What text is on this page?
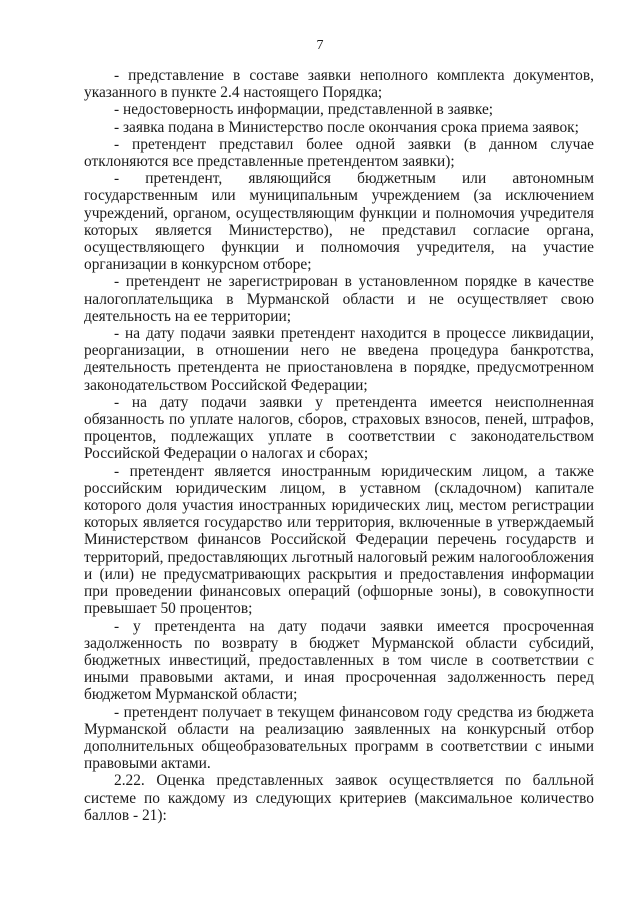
7

- представление в составе заявки неполного комплекта документов, указанного в пункте 2.4 настоящего Порядка;

- недостоверность информации, представленной в заявке;

- заявка подана в Министерство после окончания срока приема заявок;

- претендент представил более одной заявки (в данном случае отклоняются все представленные претендентом заявки);

- претендент, являющийся бюджетным или автономным государственным или муниципальным учреждением (за исключением учреждений, органом, осуществляющим функции и полномочия учредителя которых является Министерство), не представил согласие органа, осуществляющего функции и полномочия учредителя, на участие организации в конкурсном отборе;

- претендент не зарегистрирован в установленном порядке в качестве налогоплательщика в Мурманской области и не осуществляет свою деятельность на ее территории;

- на дату подачи заявки претендент находится в процессе ликвидации, реорганизации, в отношении него не введена процедура банкротства, деятельность претендента не приостановлена в порядке, предусмотренном законодательством Российской Федерации;

- на дату подачи заявки у претендента имеется неисполненная обязанность по уплате налогов, сборов, страховых взносов, пеней, штрафов, процентов, подлежащих уплате в соответствии с законодательством Российской Федерации о налогах и сборах;

- претендент является иностранным юридическим лицом, а также российским юридическим лицом, в уставном (складочном) капитале которого доля участия иностранных юридических лиц, местом регистрации которых является государство или территория, включенные в утверждаемый Министерством финансов Российской Федерации перечень государств и территорий, предоставляющих льготный налоговый режим налогообложения и (или) не предусматривающих раскрытия и предоставления информации при проведении финансовых операций (офшорные зоны), в совокупности превышает 50 процентов;

- у претендента на дату подачи заявки имеется просроченная задолженность по возврату в бюджет Мурманской области субсидий, бюджетных инвестиций, предоставленных в том числе в соответствии с иными правовыми актами, и иная просроченная задолженность перед бюджетом Мурманской области;

- претендент получает в текущем финансовом году средства из бюджета Мурманской области на реализацию заявленных на конкурсный отбор дополнительных общеобразовательных программ в соответствии с иными правовыми актами.

2.22. Оценка представленных заявок осуществляется по балльной системе по каждому из следующих критериев (максимальное количество баллов - 21):
